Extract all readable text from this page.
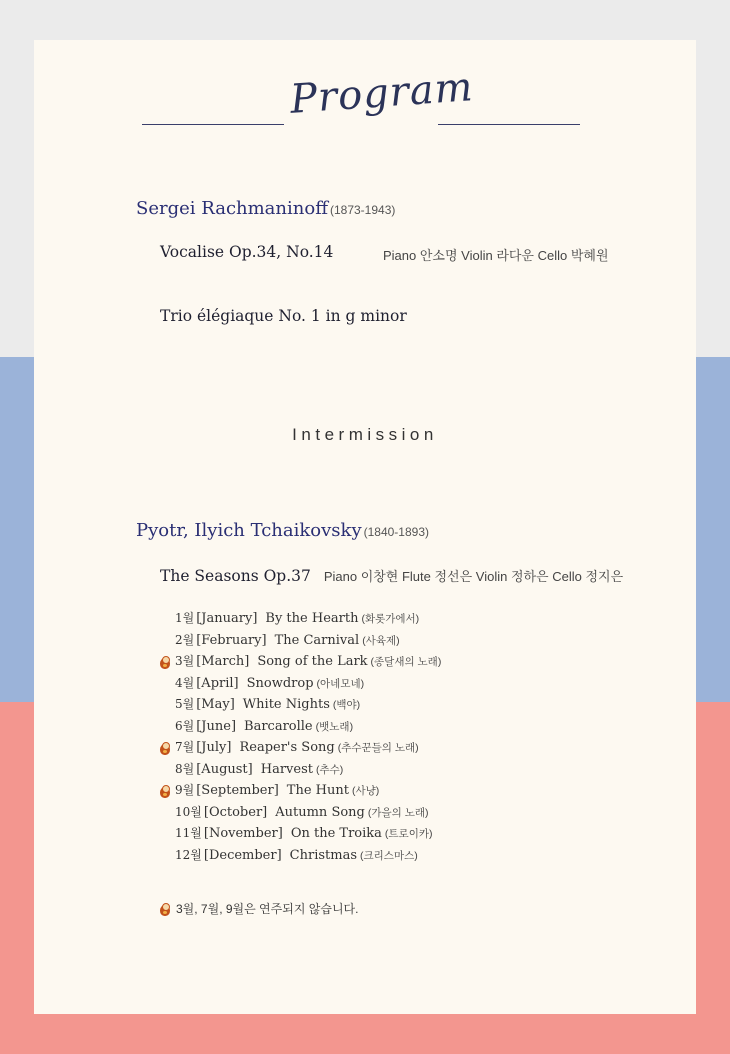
Program
Sergei Rachmaninoff (1873-1943)
Vocalise Op.34, No.14	Piano 안소명 Violin 라다운 Cello 박혜원
Trio élégiaque No. 1 in g minor
Intermission
Pyotr, Ilyich Tchaikovsky (1840-1893)
The Seasons Op.37 Piano 이창현 Flute 정선은 Violin 정하은 Cello 정지은
1월 [January] By the Hearth (화롯가에서)
2월 [February] The Carnival (사육제)
3월 [March] Song of the Lark (종달새의 노래)
4월 [April] Snowdrop (아네모네)
5월 [May] White Nights (백야)
6월 [June] Barcarolle (뱃노래)
7월 [July] Reaper's Song (추수꾼들의 노래)
8월 [August] Harvest (추수)
9월 [September] The Hunt (사냥)
10월 [October] Autumn Song (가을의 노래)
11월 [November] On the Troika (트로이카)
12월 [December] Christmas (크리스마스)
3월, 7월, 9월은 연주되지 않습니다.
